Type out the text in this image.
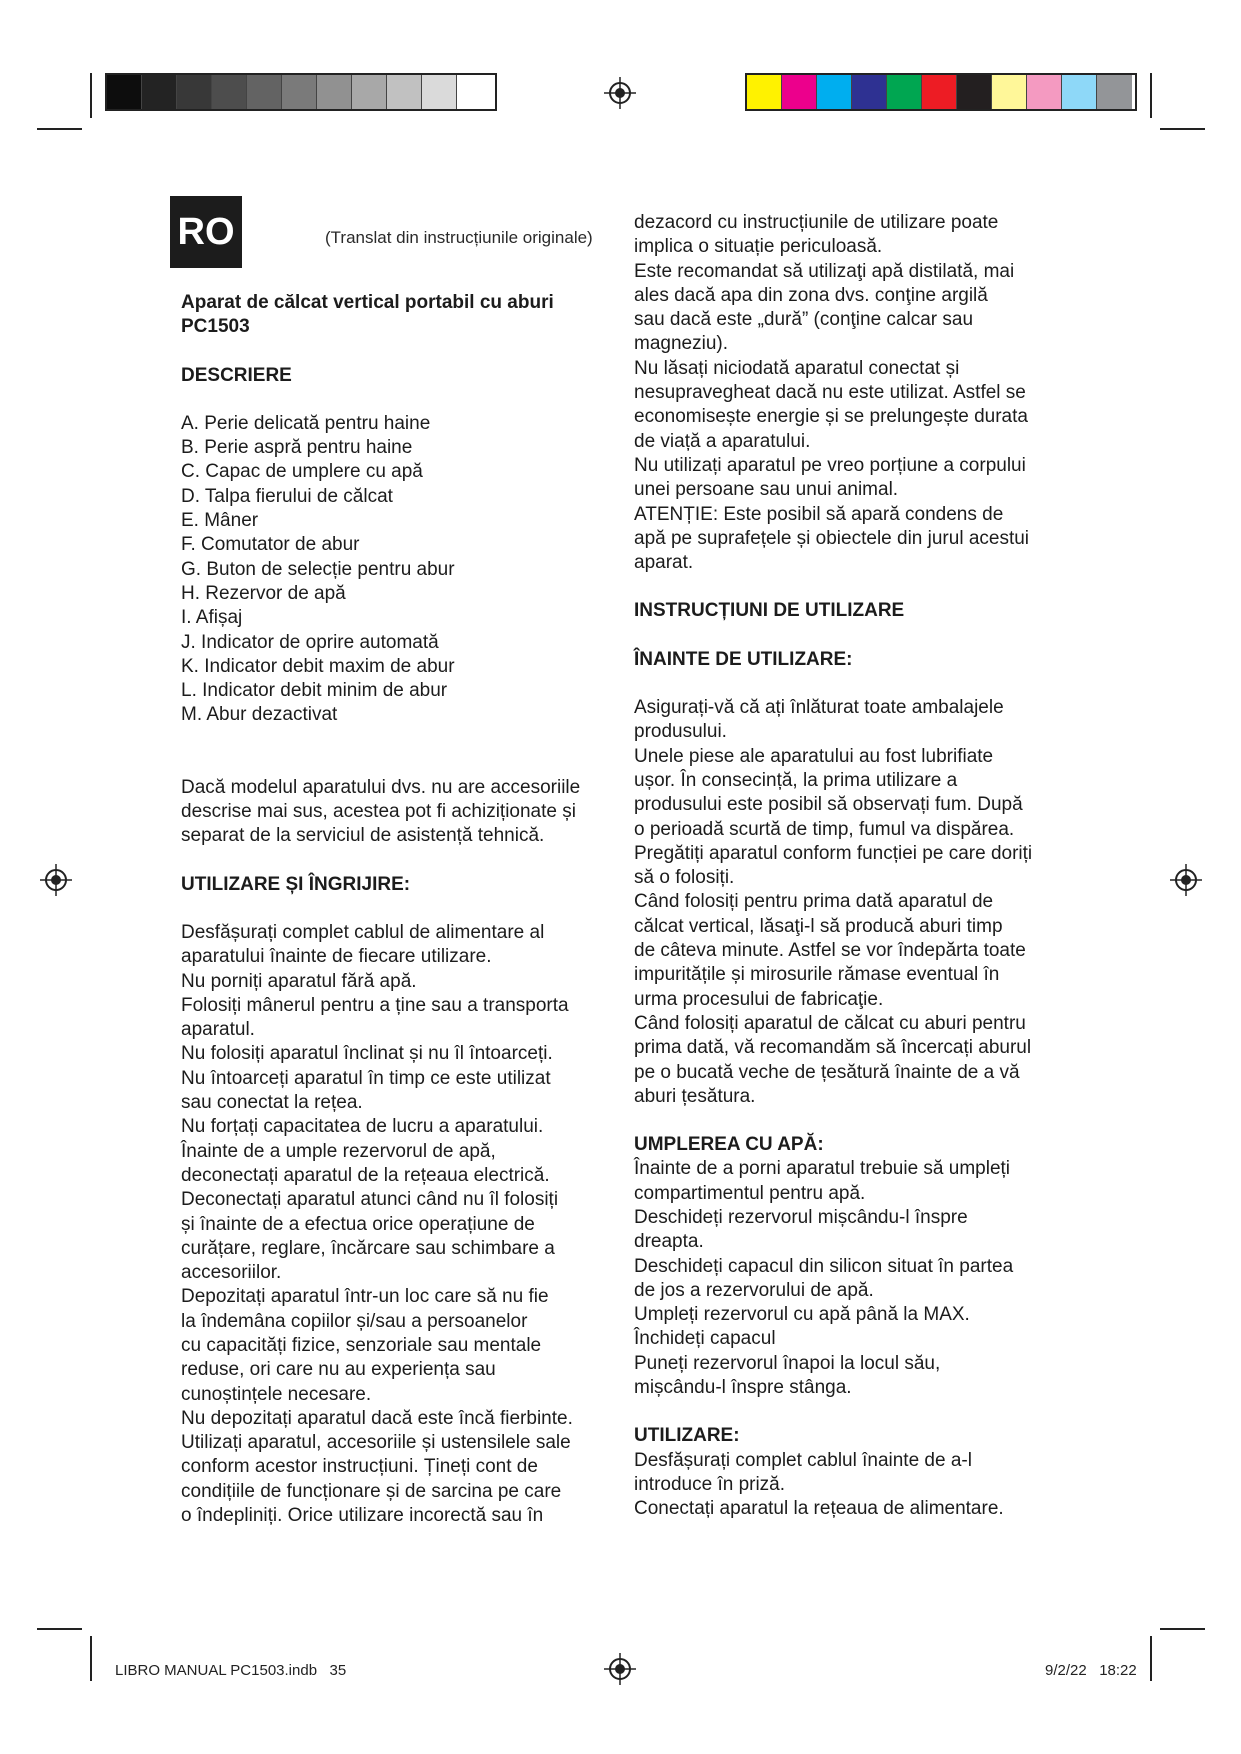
RO	(Translat din instrucțiunile originale)

Aparat de călcat vertical portabil cu aburi

PC1503

DESCRIERE

A. Perie delicată pentru haine

B. Perie aspră pentru haine

C. Capac de umplere cu apă

D. Talpa fierului de călcat

E. Mâner

F. Comutator de abur

G. Buton de selecție pentru abur

H. Rezervor de apă

I. Afișaj

J. Indicator de oprire automată

K. Indicator debit maxim de abur

L. Indicator debit minim de abur

M. Abur dezactivat

Dacă modelul aparatului dvs. nu are accesoriile

descrise mai sus, acestea pot fi achiziționate și

separat de la serviciul de asistență tehnică.

UTILIZARE ȘI ÎNGRIJIRE:

Desfășurați complet cablul de alimentare al

aparatului înainte de fiecare utilizare.

Nu porniți aparatul fără apă.

Folosiți mânerul pentru a ține sau a transporta

aparatul.

Nu folosiți aparatul înclinat și nu îl întoarceți.

Nu întoarceți aparatul în timp ce este utilizat

sau conectat la rețea.

Nu forțați capacitatea de lucru a aparatului.

Înainte de a umple rezervorul de apă,

deconectați aparatul de la rețeaua electrică.

Deconectați aparatul atunci când nu îl folosiți

și înainte de a efectua orice operațiune de

curățare, reglare, încărcare sau schimbare a

accesoriilor.

Depozitați aparatul într-un loc care să nu fie

la îndemâna copiilor și/sau a persoanelor

cu capacități fizice, senzoriale sau mentale

reduse, ori care nu au experiența sau

cunoștințele necesare.

Nu depozitați aparatul dacă este încă fierbinte.

Utilizați aparatul, accesoriile și ustensilele sale

conform acestor instrucțiuni. Țineți cont de

condițiile de funcționare și de sarcina pe care

o îndepliniți. Orice utilizare incorectă sau în

dezacord cu instrucțiunile de utilizare poate

implica o situație periculoasă.

Este recomandat să utilizaţi apă distilată, mai

ales dacă apa din zona dvs. conţine argilă

sau dacă este „dură” (conţine calcar sau

magneziu).

Nu lăsați niciodată aparatul conectat și

nesupravegheat dacă nu este utilizat. Astfel se

economisește energie și se prelungește durata

de viață a aparatului.

Nu utilizați aparatul pe vreo porțiune a corpului

unei persoane sau unui animal.

ATENȚIE: Este posibil să apară condens de

apă pe suprafețele și obiectele din jurul acestui

aparat.

INSTRUCȚIUNI DE UTILIZARE

ÎNAINTE DE UTILIZARE:

Asigurați-vă că ați înlăturat toate ambalajele

produsului.

Unele piese ale aparatului au fost lubrifiate

ușor. În consecință, la prima utilizare a

produsului este posibil să observați fum. După

o perioadă scurtă de timp, fumul va dispărea.

Pregătiți aparatul conform funcției pe care doriți

să o folosiți.

Când folosiți pentru prima dată aparatul de

călcat vertical, lăsaţi-l să producă aburi timp

de câteva minute. Astfel se vor îndepărta toate

impuritățile și mirosurile rămase eventual în

urma procesului de fabricaţie.

Când folosiți aparatul de călcat cu aburi pentru

prima dată, vă recomandăm să încercați aburul

pe o bucată veche de țesătură înainte de a vă

aburi țesătura.

UMPLEREA CU APĂ:

Înainte de a porni aparatul trebuie să umpleți

compartimentul pentru apă.

Deschideți rezervorul mișcându-l înspre

dreapta.

Deschideți capacul din silicon situat în partea

de jos a rezervorului de apă.

Umpleți rezervorul cu apă până la MAX.

Închideți capacul

Puneți rezervorul înapoi la locul său,

mișcându-l înspre stânga.

UTILIZARE:

Desfășurați complet cablul înainte de a-l

introduce în priză.

Conectați aparatul la rețeaua de alimentare.

LIBRO MANUAL PC1503.indb   35	9/2/22   18:22
